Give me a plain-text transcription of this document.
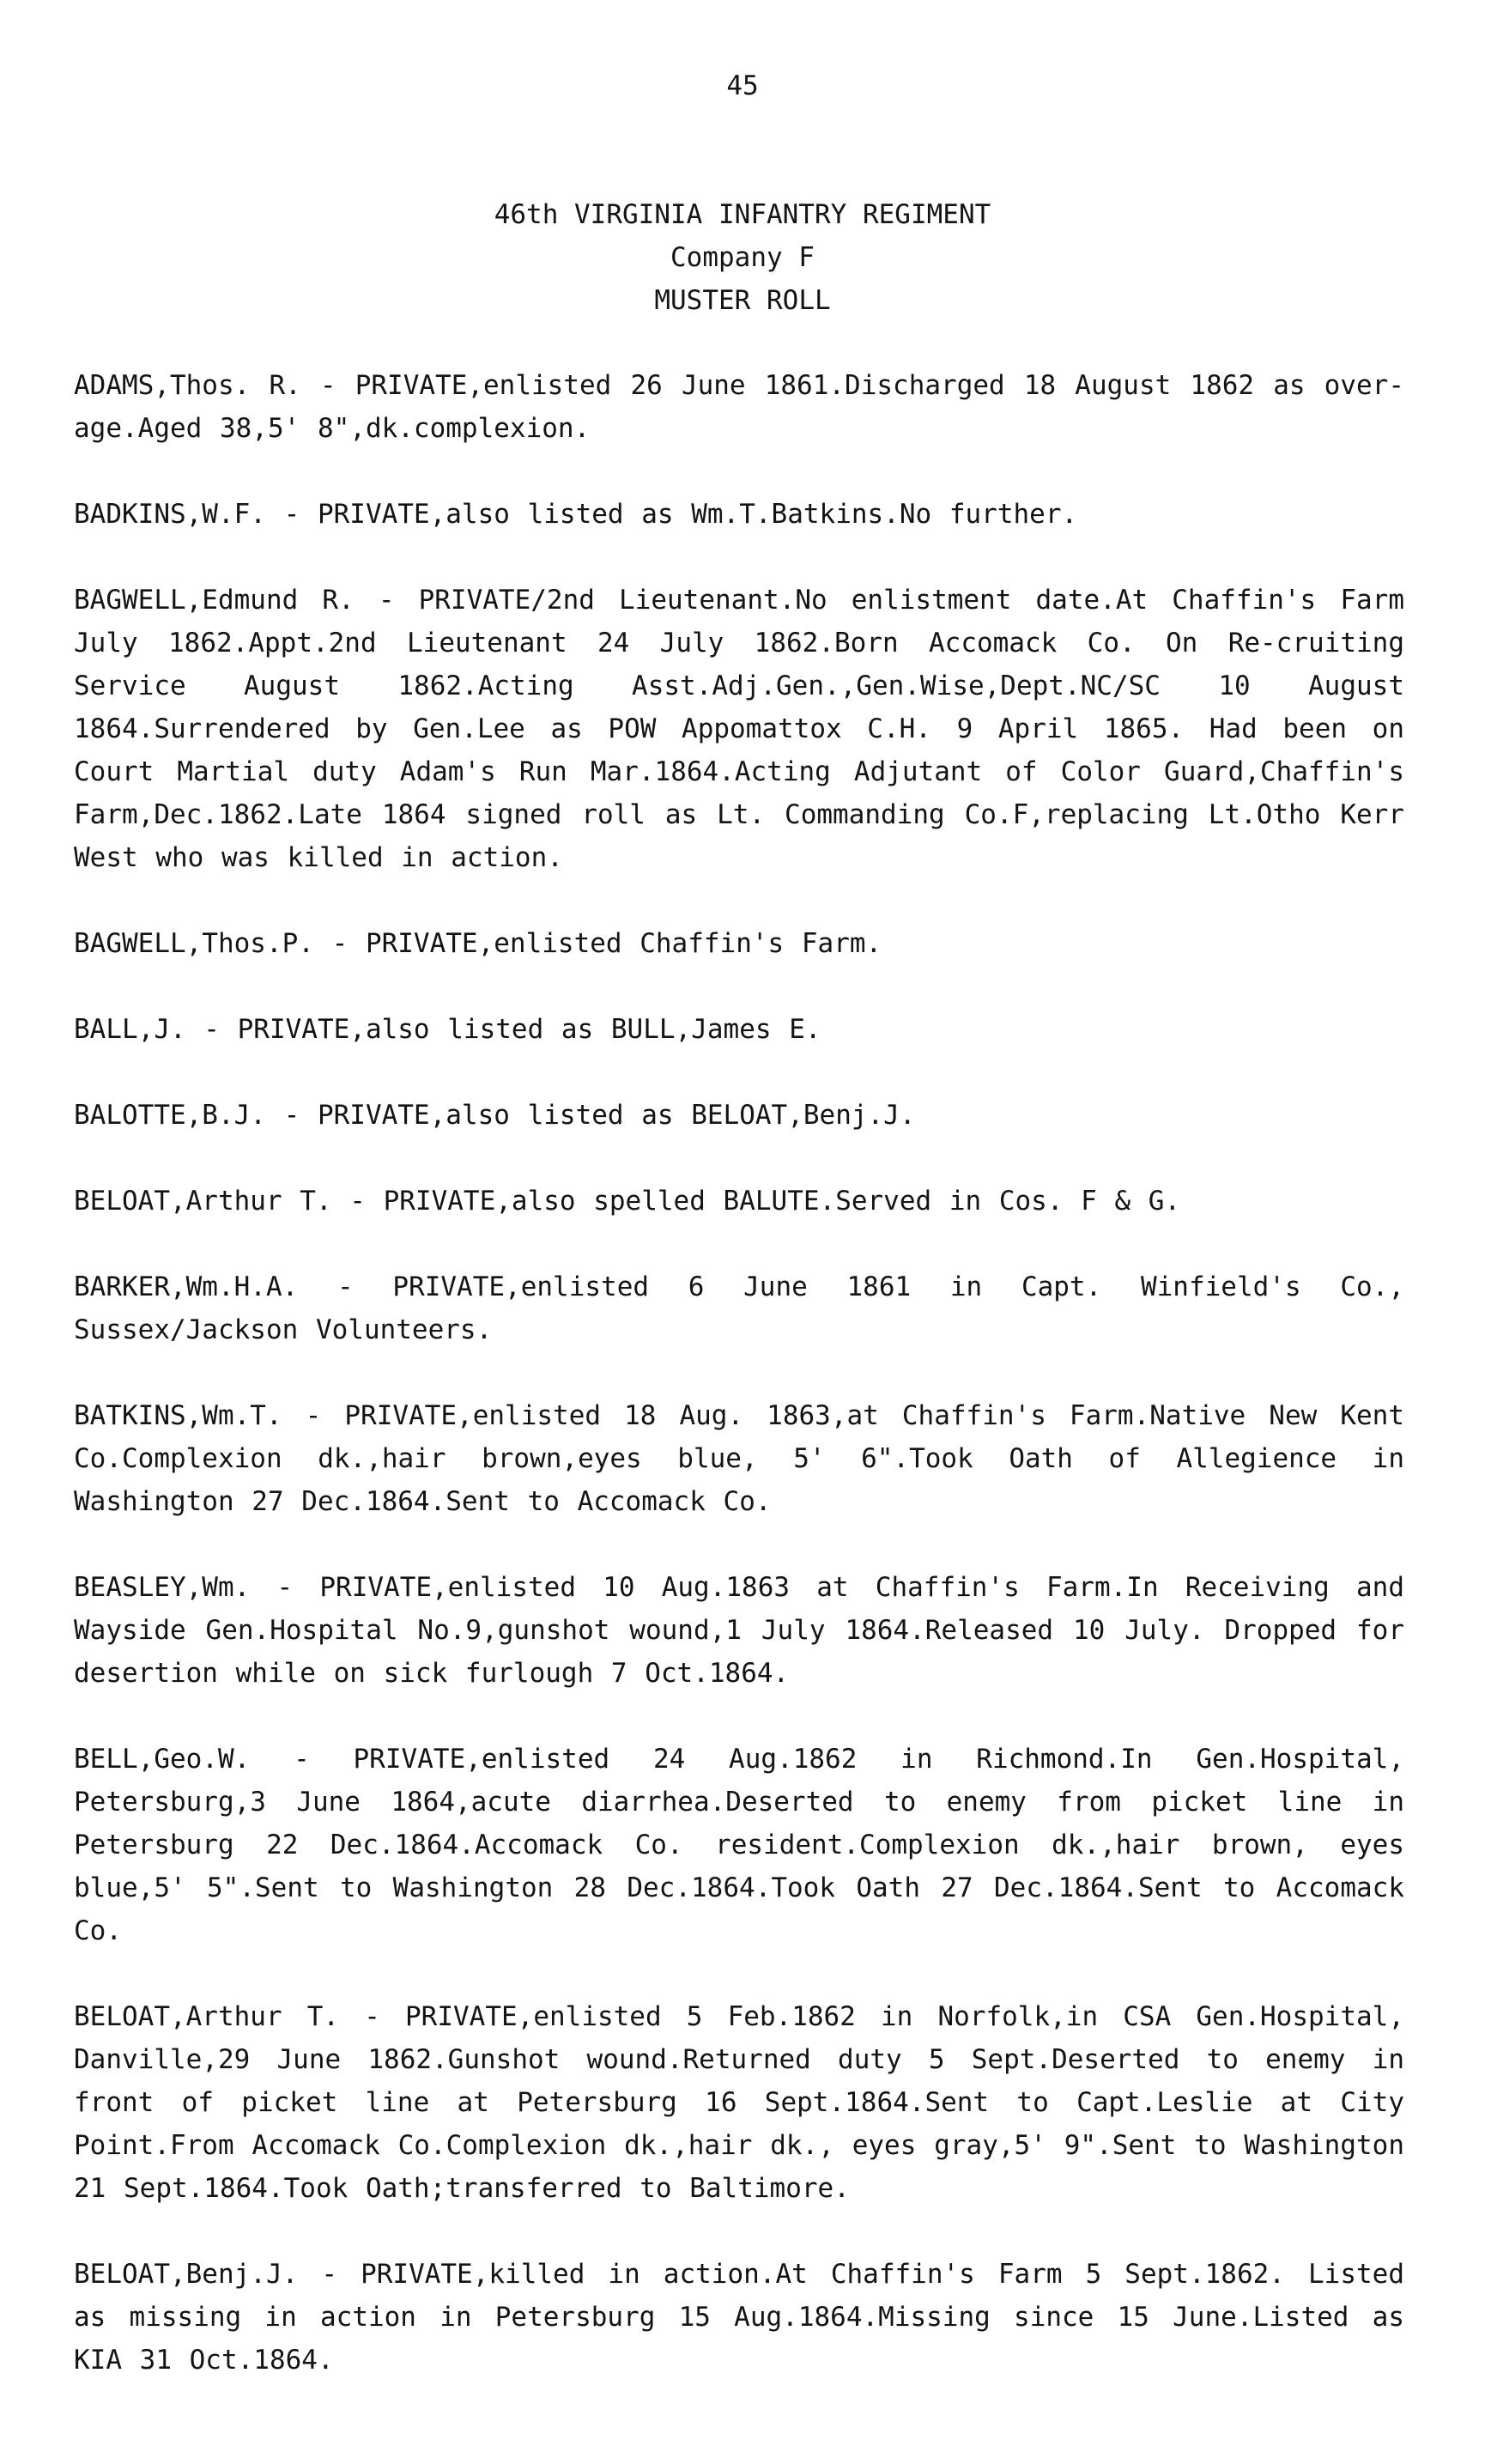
45
46th VIRGINIA INFANTRY REGIMENT
Company F
MUSTER ROLL

ADAMS,Thos. R. - PRIVATE,enlisted 26 June 1861.Discharged 18 August 1862 as over-age.Aged 38,5' 8",dk.complexion.

BADKINS,W.F. - PRIVATE,also listed as Wm.T.Batkins.No further.

BAGWELL,Edmund R. - PRIVATE/2nd Lieutenant.No enlistment date.At Chaffin's Farm July 1862.Appt.2nd Lieutenant 24 July 1862.Born Accomack Co. On Re-cruiting Service August 1862.Acting Asst.Adj.Gen.,Gen.Wise,Dept.NC/SC 10 August 1864.Surrendered by Gen.Lee as POW Appomattox C.H. 9 April 1865. Had been on Court Martial duty Adam's Run Mar.1864.Acting Adjutant of Color Guard,Chaffin's Farm,Dec.1862.Late 1864 signed roll as Lt. Commanding Co.F,replacing Lt.Otho Kerr West who was killed in action.

BAGWELL,Thos.P. - PRIVATE,enlisted Chaffin's Farm.

BALL,J. - PRIVATE,also listed as BULL,James E.

BALOTTE,B.J. - PRIVATE,also listed as BELOAT,Benj.J.

BELOAT,Arthur T. - PRIVATE,also spelled BALUTE.Served in Cos. F & G.

BARKER,Wm.H.A. - PRIVATE,enlisted 6 June 1861 in Capt. Winfield's Co., Sussex/Jackson Volunteers.

BATKINS,Wm.T. - PRIVATE,enlisted 18 Aug. 1863,at Chaffin's Farm.Native New Kent Co.Complexion dk.,hair brown,eyes blue, 5' 6".Took Oath of Allegience in Washington 27 Dec.1864.Sent to Accomack Co.

BEASLEY,Wm. - PRIVATE,enlisted 10 Aug.1863 at Chaffin's Farm.In Receiving and Wayside Gen.Hospital No.9,gunshot wound,1 July 1864.Released 10 July. Dropped for desertion while on sick furlough 7 Oct.1864.

BELL,Geo.W. - PRIVATE,enlisted 24 Aug.1862 in Richmond.In Gen.Hospital, Petersburg,3 June 1864,acute diarrhea.Deserted to enemy from picket line in Petersburg 22 Dec.1864.Accomack Co. resident.Complexion dk.,hair brown, eyes blue,5' 5".Sent to Washington 28 Dec.1864.Took Oath 27 Dec.1864.Sent to Accomack Co.

BELOAT,Arthur T. - PRIVATE,enlisted 5 Feb.1862 in Norfolk,in CSA Gen.Hospital, Danville,29 June 1862.Gunshot wound.Returned duty 5 Sept.Deserted to enemy in front of picket line at Petersburg 16 Sept.1864.Sent to Capt.Leslie at City Point.From Accomack Co.Complexion dk.,hair dk., eyes gray,5' 9".Sent to Washington 21 Sept.1864.Took Oath;transferred to Baltimore.

BELOAT,Benj.J. - PRIVATE,killed in action.At Chaffin's Farm 5 Sept.1862. Listed as missing in action in Petersburg 15 Aug.1864.Missing since 15 June.Listed as KIA 31 Oct.1864.
